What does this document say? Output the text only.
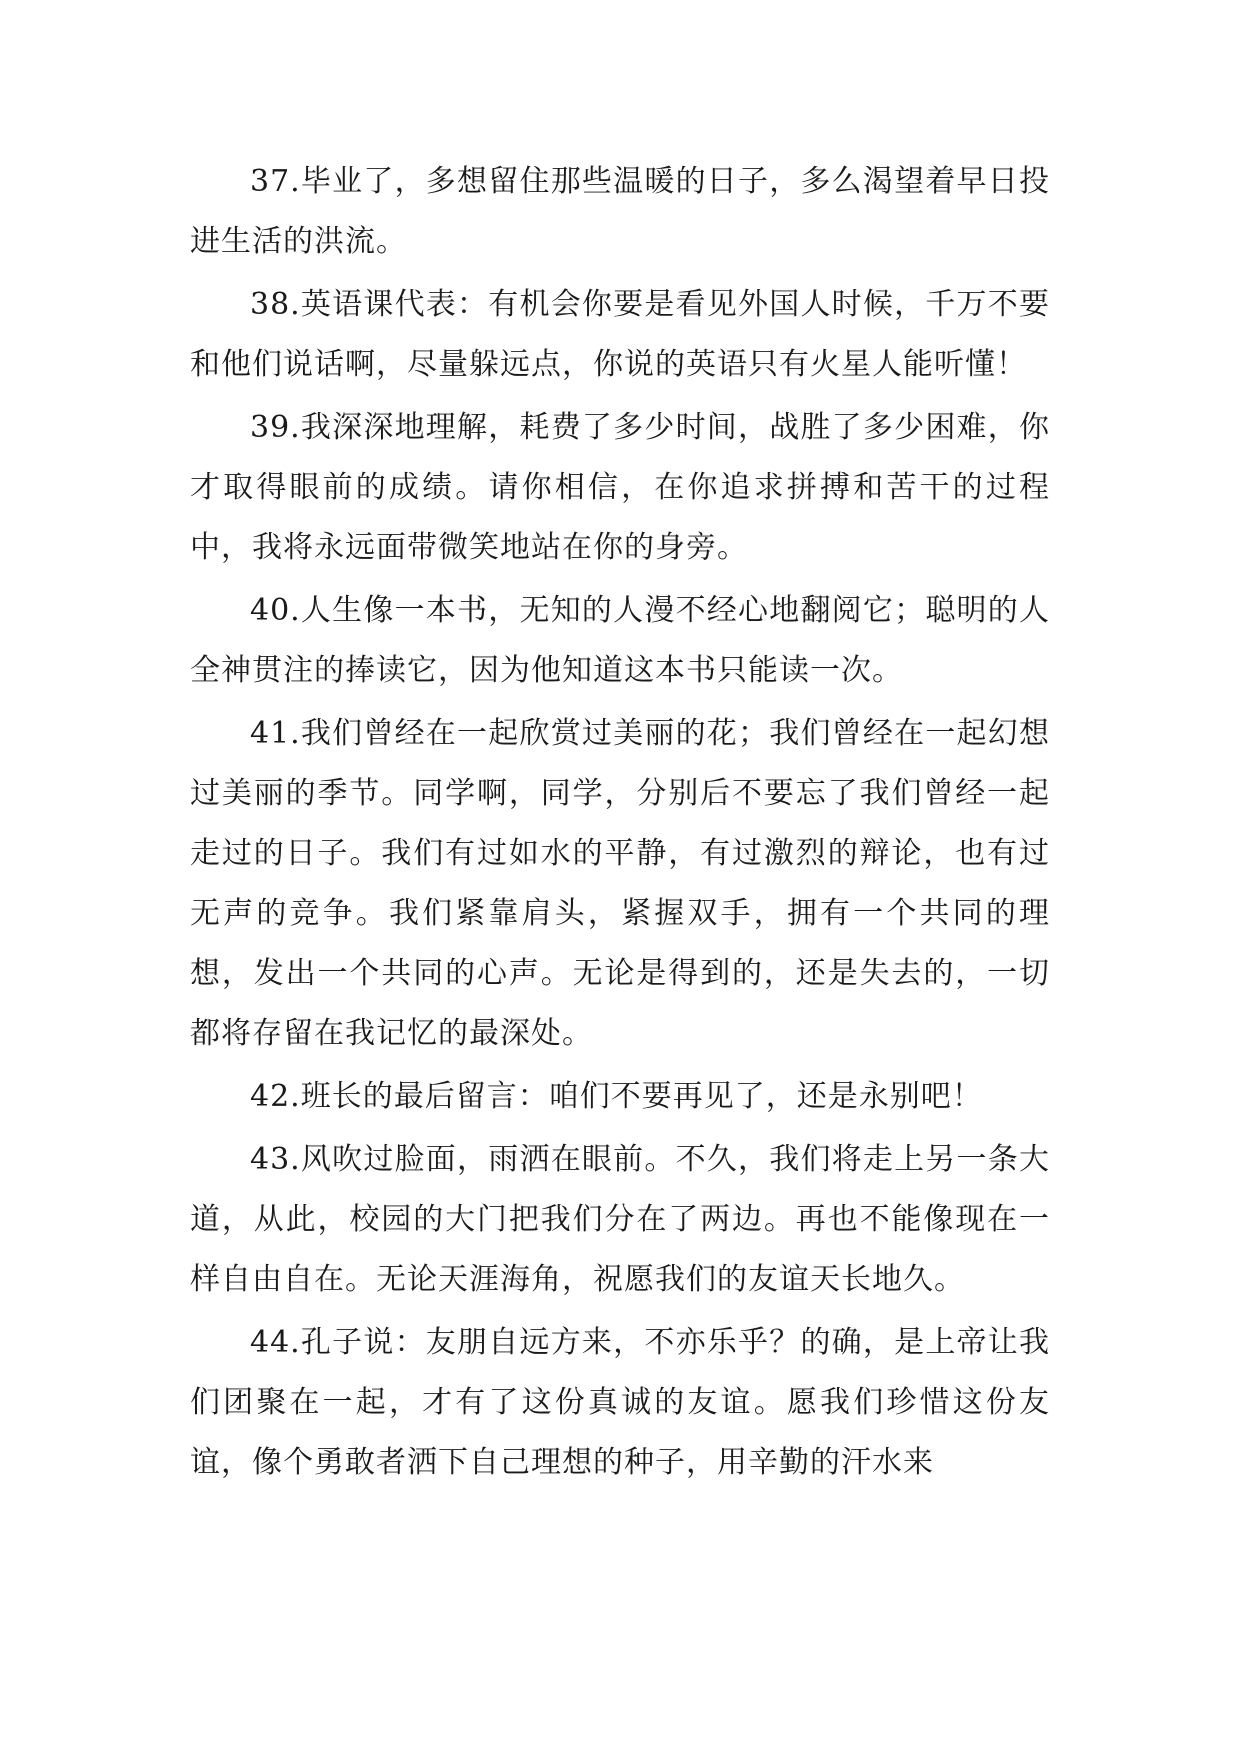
37.毕业了，多想留住那些温暖的日子，多么渴望着早日投进生活的洪流。

38.英语课代表：有机会你要是看见外国人时候，千万不要和他们说话啊，尽量躲远点，你说的英语只有火星人能听懂！

39.我深深地理解，耗费了多少时间，战胜了多少困难，你才取得眼前的成绩。请你相信，在你追求拼搏和苦干的过程中，我将永远面带微笑地站在你的身旁。

40.人生像一本书，无知的人漫不经心地翻阅它；聪明的人全神贯注的捧读它，因为他知道这本书只能读一次。

41.我们曾经在一起欣赏过美丽的花；我们曾经在一起幻想过美丽的季节。同学啊，同学，分别后不要忘了我们曾经一起走过的日子。我们有过如水的平静，有过激烈的辩论，也有过无声的竞争。我们紧靠肩头，紧握双手，拥有一个共同的理想，发出一个共同的心声。无论是得到的，还是失去的，一切都将存留在我记忆的最深处。

42.班长的最后留言：咱们不要再见了，还是永别吧！

43.风吹过脸面，雨洒在眼前。不久，我们将走上另一条大道，从此，校园的大门把我们分在了两边。再也不能像现在一样自由自在。无论天涯海角，祝愿我们的友谊天长地久。

44.孔子说：友朋自远方来，不亦乐乎？的确，是上帝让我们团聚在一起，才有了这份真诚的友谊。愿我们珍惜这份友谊，像个勇敢者洒下自己理想的种子，用辛勤的汗水来
